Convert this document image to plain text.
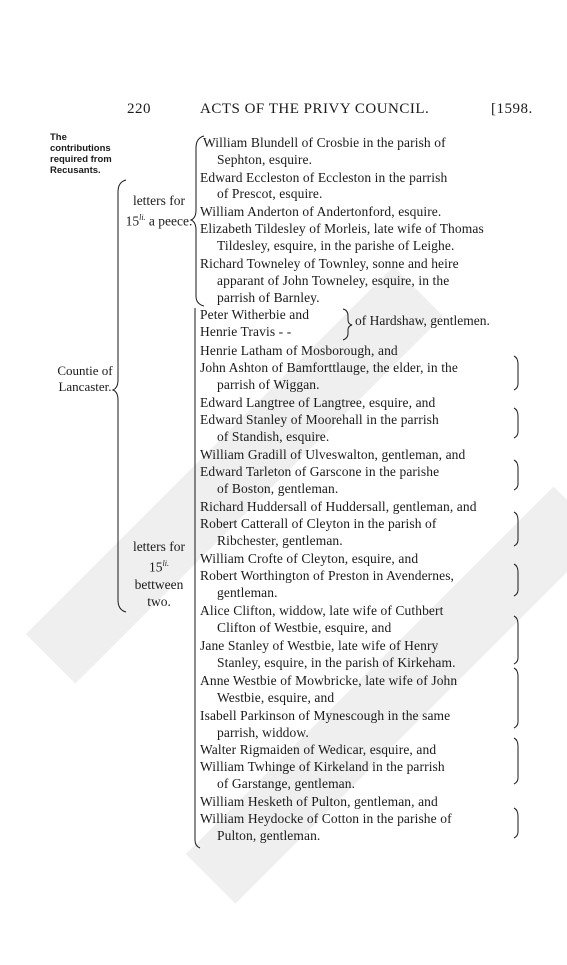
220	ACTS OF THE PRIVY COUNCIL.	[1598.
The contributions required from Recusants.
Countie of Lancaster.
letters for $15^{li.}$ a peece.
letters for $15^{li.}$ bettween two.
William Blundell of Crosbie in the parish of
Sephton, esquire.
Edward Eccleston of Eccleston in the parrish
of Prescot, esquire.
William Anderton of Andertonford, esquire.
Elizabeth Tildesley of Morleis, late wife of Thomas
Tildesley, esquire, in the parishe of Leighe.
Richard Towneley of Townley, sonne and heire
apparant of John Towneley, esquire, in the
parrish of Barnley.
Peter Witherbie and
Henrie Travis - -
of Hardshaw, gentlemen.
Henrie Latham of Mosborough, and
John Ashton of Bamforttlauge, the elder, in the
parrish of Wiggan.
Edward Langtree of Langtree, esquire, and
Edward Stanley of Moorehall in the parrish
of Standish, esquire.
William Gradill of Ulveswalton, gentleman, and
Edward Tarleton of Garscone in the parishe
of Boston, gentleman.
Richard Huddersall of Huddersall, gentleman, and
Robert Catterall of Cleyton in the parish of
Ribchester, gentleman.
William Crofte of Cleyton, esquire, and
Robert Worthington of Preston in Avendernes,
gentleman.
Alice Clifton, widdow, late wife of Cuthbert
Clifton of Westbie, esquire, and
Jane Stanley of Westbie, late wife of Henry
Stanley, esquire, in the parish of Kirkeham.
Anne Westbie of Mowbricke, late wife of John
Westbie, esquire, and
Isabell Parkinson of Mynescough in the same
parrish, widdow.
Walter Rigmaiden of Wedicar, esquire, and
William Twhinge of Kirkeland in the parrish
of Garstange, gentleman.
William Hesketh of Pulton, gentleman, and
William Heydocke of Cotton in the parishe of
Pulton, gentleman.
